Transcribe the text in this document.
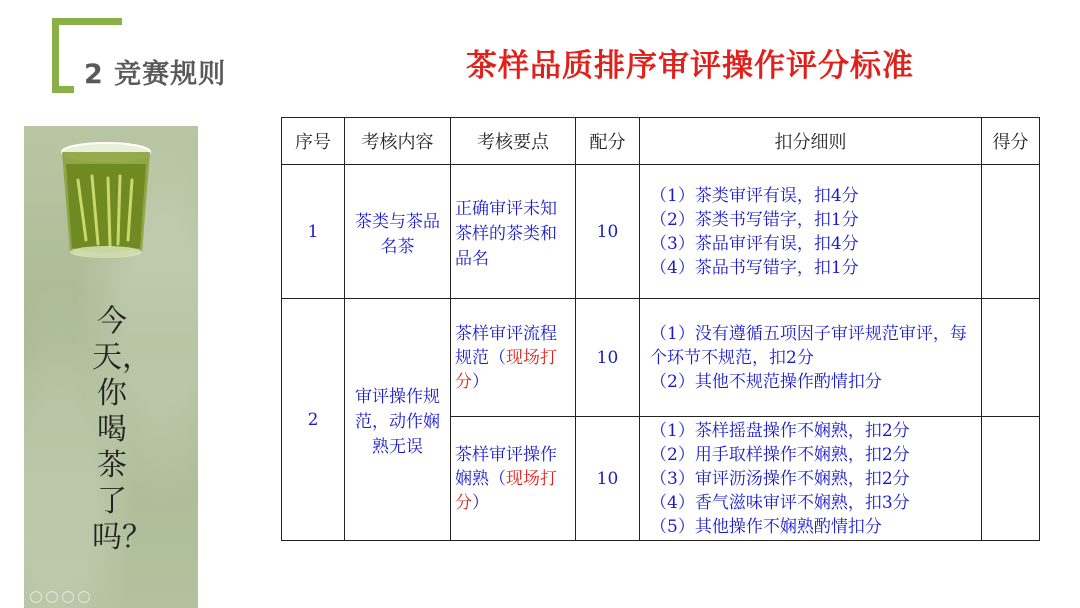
2 竞赛规则	茶样品质排序审评操作评分标准
今天，你喝茶了吗？
序号	考核内容	考核要点	配分	扣分细则	得分
1	茶类与茶品名茶	正确审评未知茶样的茶类和品名	10	（1）茶类审评有误，扣4分
（2）茶类书写错字，扣1分
（3）茶品审评有误，扣4分
（4）茶品书写错字，扣1分	

2	审评操作规范，动作娴熟无误	茶样审评流程规范（现场打分）	10	（1）没有遵循五项因子审评规范审评，每个环节不规范，扣2分
（2）其他不规范操作酌情扣分	

		茶样审评操作娴熟（现场打分）	10	（1）茶样摇盘操作不娴熟，扣2分
（2）用手取样操作不娴熟，扣2分
（3）审评沥汤操作不娴熟，扣2分
（4）香气滋味审评不娴熟，扣3分
（5）其他操作不娴熟酌情扣分	
